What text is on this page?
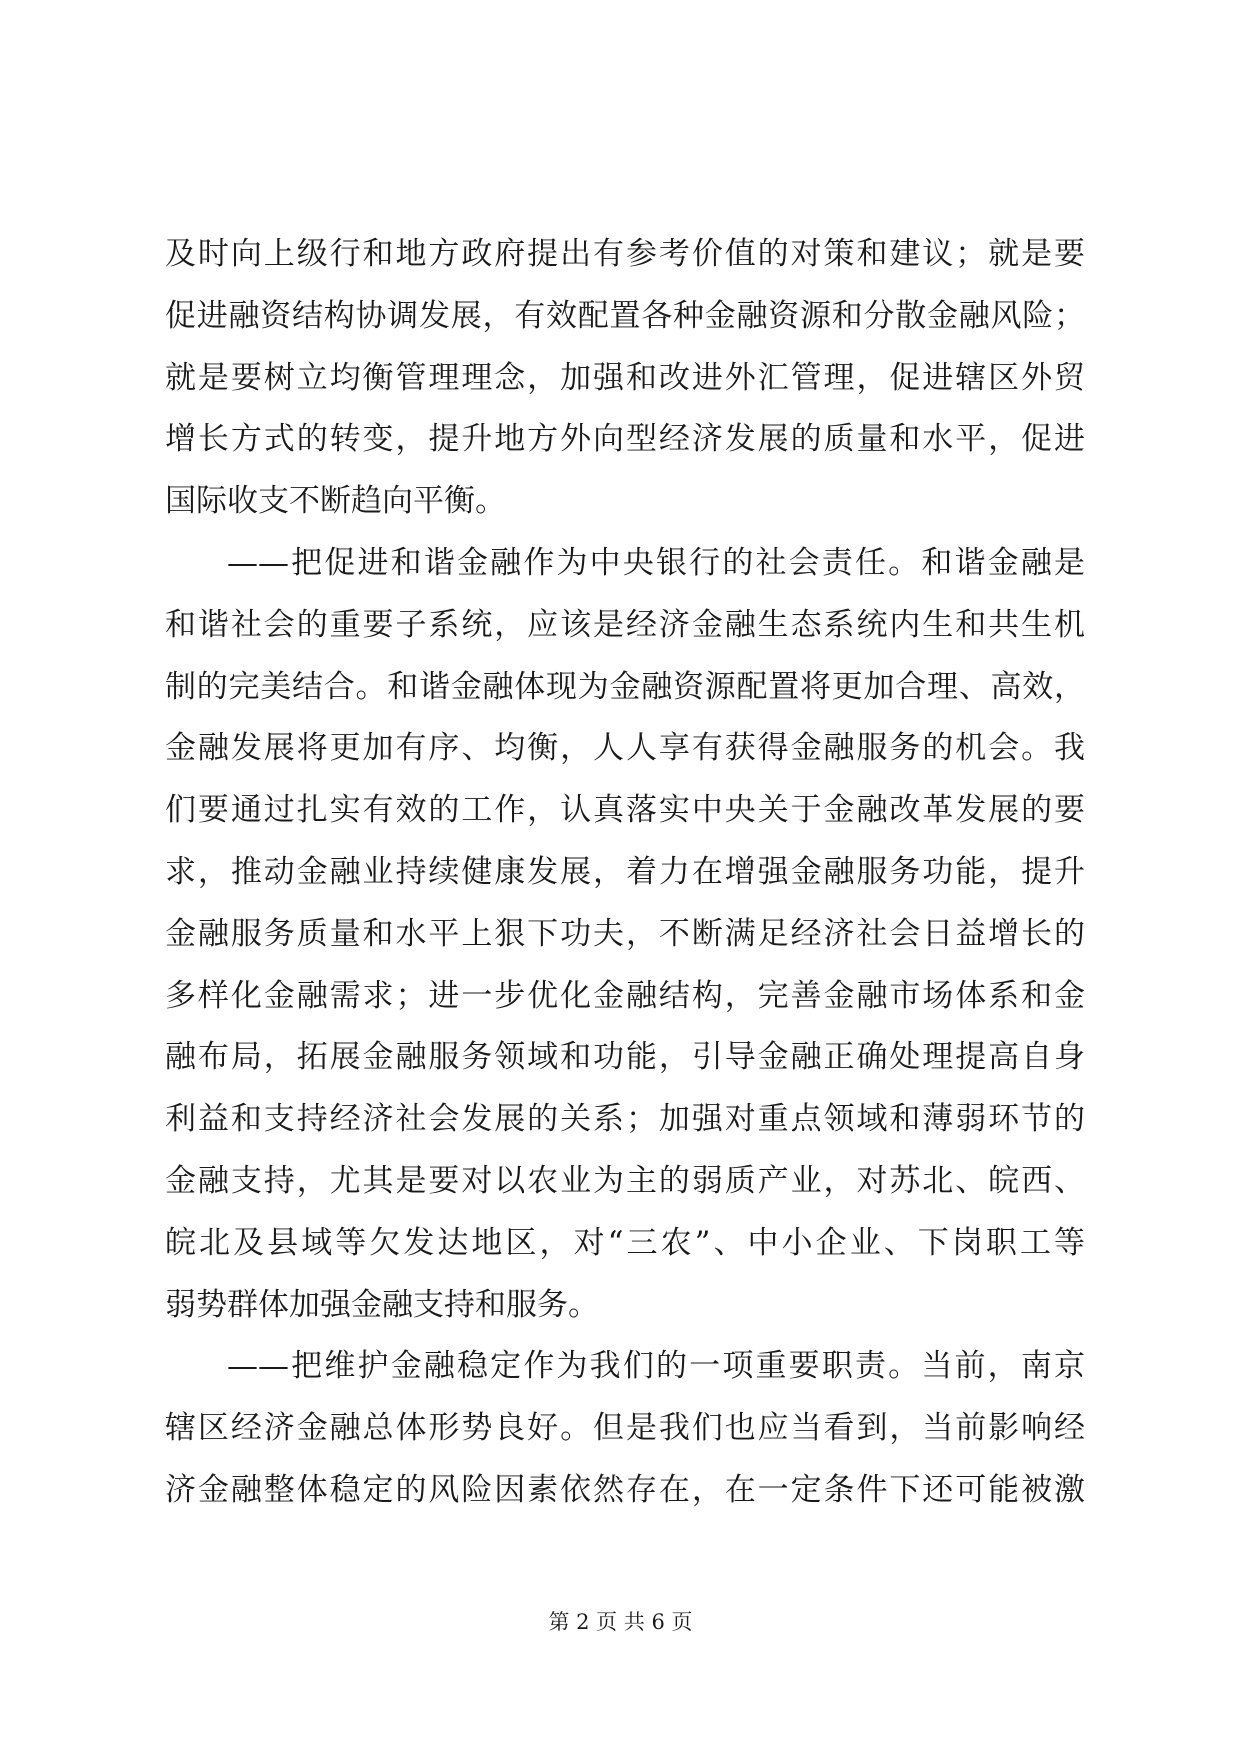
及时向上级行和地方政府提出有参考价值的对策和建议；就是要
促进融资结构协调发展，有效配置各种金融资源和分散金融风险；
就是要树立均衡管理理念，加强和改进外汇管理，促进辖区外贸
增长方式的转变，提升地方外向型经济发展的质量和水平，促进
国际收支不断趋向平衡。
——把促进和谐金融作为中央银行的社会责任。和谐金融是
和谐社会的重要子系统，应该是经济金融生态系统内生和共生机
制的完美结合。和谐金融体现为金融资源配置将更加合理、高效，
金融发展将更加有序、均衡，人人享有获得金融服务的机会。我
们要通过扎实有效的工作，认真落实中央关于金融改革发展的要
求，推动金融业持续健康发展，着力在增强金融服务功能，提升
金融服务质量和水平上狠下功夫，不断满足经济社会日益增长的
多样化金融需求；进一步优化金融结构，完善金融市场体系和金
融布局，拓展金融服务领域和功能，引导金融正确处理提高自身
利益和支持经济社会发展的关系；加强对重点领域和薄弱环节的
金融支持，尤其是要对以农业为主的弱质产业，对苏北、皖西、
皖北及县域等欠发达地区，对“三农”、中小企业、下岗职工等
弱势群体加强金融支持和服务。
——把维护金融稳定作为我们的一项重要职责。当前，南京
辖区经济金融总体形势良好。但是我们也应当看到，当前影响经
济金融整体稳定的风险因素依然存在，在一定条件下还可能被激
第 2 页 共 6 页
